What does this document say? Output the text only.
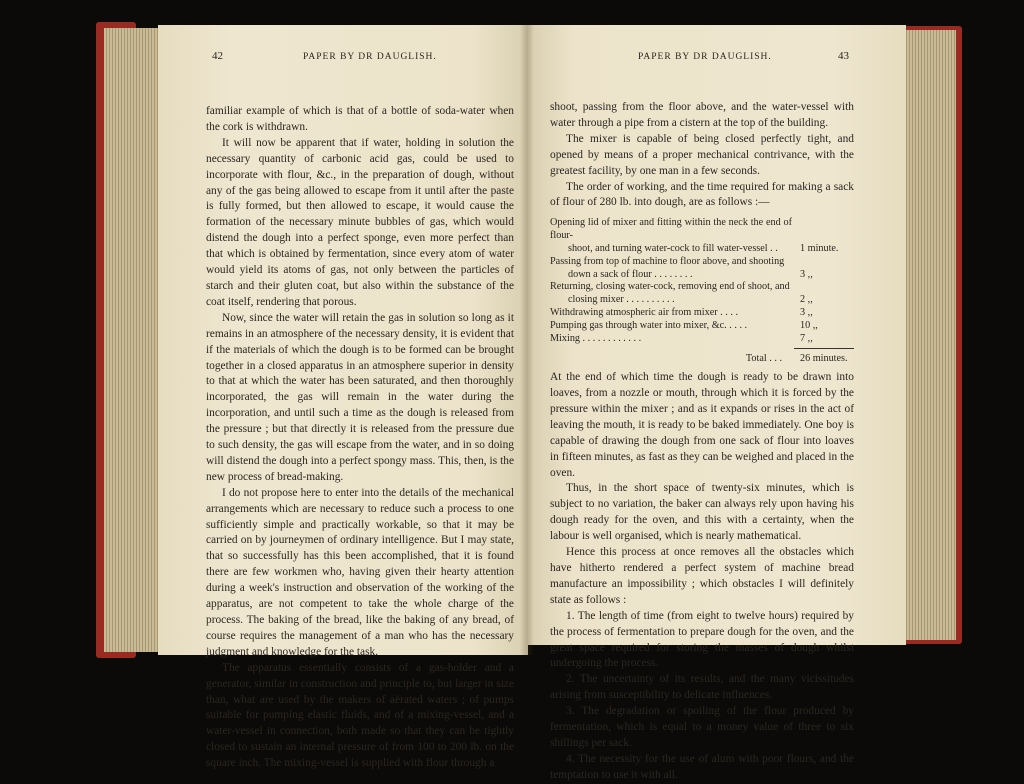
42	PAPER BY DR DAUGLISH.

familiar example of which is that of a bottle of soda-water when the cork is withdrawn.

It will now be apparent that if water, holding in solution the necessary quantity of carbonic acid gas, could be used to incorporate with flour, &c., in the preparation of dough, without any of the gas being allowed to escape from it until after the paste is fully formed, but then allowed to escape, it would cause the formation of the necessary minute bubbles of gas, which would distend the dough into a perfect sponge, even more perfect than that which is obtained by fermentation, since every atom of water would yield its atoms of gas, not only between the particles of starch and their gluten coat, but also within the substance of the coat itself, rendering that porous.

Now, since the water will retain the gas in solution so long as it remains in an atmosphere of the necessary density, it is evident that if the materials of which the dough is to be formed can be brought together in a closed apparatus in an atmosphere superior in density to that at which the water has been saturated, and then thoroughly incorporated, the gas will remain in the water during the incorporation, and until such a time as the dough is released from the pressure ; but that directly it is released from the pressure due to such density, the gas will escape from the water, and in so doing will distend the dough into a perfect spongy mass. This, then, is the new process of bread-making.

I do not propose here to enter into the details of the mechanical arrangements which are necessary to reduce such a process to one sufficiently simple and practically workable, so that it may be carried on by journeymen of ordinary intelligence. But I may state, that so successfully has this been accomplished, that it is found there are few workmen who, having given their hearty attention during a week's instruction and observation of the working of the apparatus, are not competent to take the whole charge of the process. The baking of the bread, like the baking of any bread, of course requires the management of a man who has the necessary judgment and knowledge for the task.

The apparatus essentially consists of a gas-holder and a generator, similar in construction and principle to, but larger in size than, what are used by the makers of aërated waters ; of pumps suitable for pumping elastic fluids, and of a mixing-vessel, and a water-vessel in connection, both made so that they can be tightly closed to sustain an internal pressure of from 100 to 200 lb. on the square inch. The mixing-vessel is supplied with flour through a

PAPER BY DR DAUGLISH.	43

shoot, passing from the floor above, and the water-vessel with water through a pipe from a cistern at the top of the building.

The mixer is capable of being closed perfectly tight, and opened by means of a proper mechanical contrivance, with the greatest facility, by one man in a few seconds.

The order of working, and the time required for making a sack of flour of 280 lb. into dough, are as follows :—

Opening lid of mixer and fitting within the neck the end of flour-
shoot, and turning water-cock to fill water-vessel . .	1 minute.
Passing from top of machine to floor above, and shooting
down a sack of flour . . . . . . . .	3 ,,
Returning, closing water-cock, removing end of shoot, and
closing mixer . . . . . . . . . .	2 ,,
Withdrawing atmospheric air from mixer . . . .	3 ,,
Pumping gas through water into mixer, &c. . . . .	10 ,,
Mixing . . . . . . . . . . . .	7 ,,
Total . . .	26 minutes.

At the end of which time the dough is ready to be drawn into loaves, from a nozzle or mouth, through which it is forced by the pressure within the mixer ; and as it expands or rises in the act of leaving the mouth, it is ready to be baked immediately. One boy is capable of drawing the dough from one sack of flour into loaves in fifteen minutes, as fast as they can be weighed and placed in the oven.

Thus, in the short space of twenty-six minutes, which is subject to no variation, the baker can always rely upon having his dough ready for the oven, and this with a certainty, when the labour is well organised, which is nearly mathematical.

Hence this process at once removes all the obstacles which have hitherto rendered a perfect system of machine bread manufacture an impossibility ; which obstacles I will definitely state as follows :

1. The length of time (from eight to twelve hours) required by the process of fermentation to prepare dough for the oven, and the great space required for storing the masses of dough whilst undergoing the process.

2. The uncertainty of its results, and the many vicissitudes arising from susceptibility to delicate influences.

3. The degradation or spoiling of the flour produced by fermentation, which is equal to a money value of three to six shillings per sack.

4. The necessity for the use of alum with poor flours, and the temptation to use it with all.
